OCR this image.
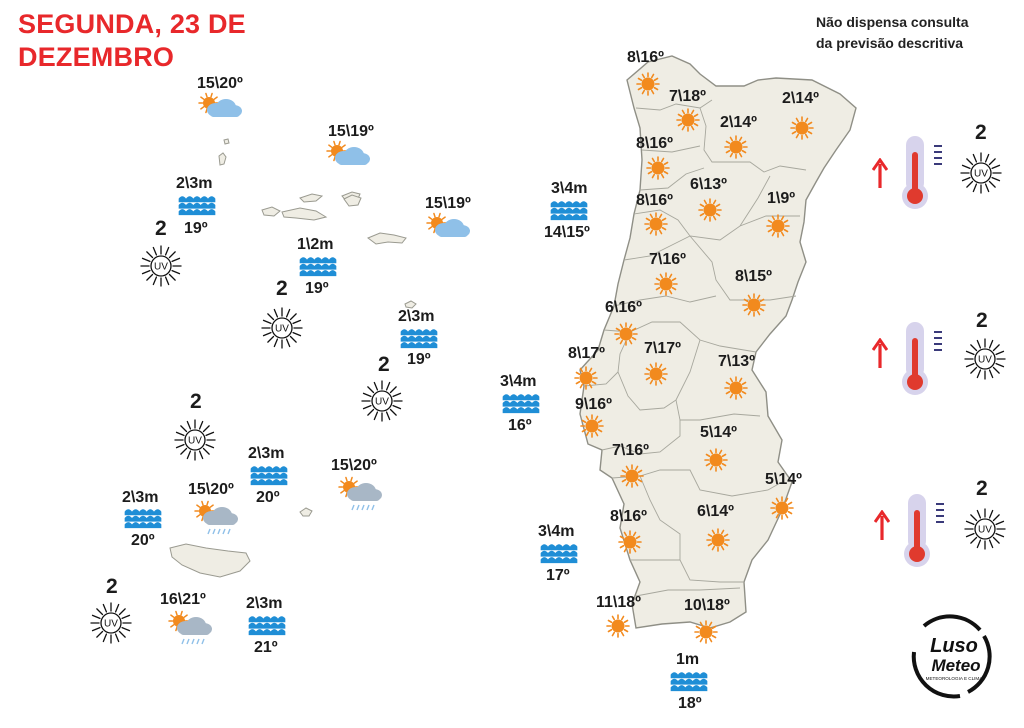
SEGUNDA, 23 DE
DEZEMBRO
Não dispensa consulta
da previsão descritiva
15\20º
15\19º
15\19º
2\3m
19º
1\2m
19º
2\3m
19º
2
UV
2
UV
2
UV
2
UV
2
UV
15\20º
15\20º
16\21º
2\3m
20º
2\3m
20º
2\3m
21º
3\4m
14\15º
3\4m
16º
3\4m
17º
1m
18º
8\16º
7\18º
2\14º
2\14º
8\16º
6\13º
8\16º	1\9º
7\16º
8\15º
6\16º
7\17º
8\17º	7\13º
9\16º
5\14º
7\16º
5\14º
8\16º	6\14º
11\18º	10\18º
2
UV
2
UV
2
UV
Luso
Meteo
METEOROLOGIA E CLIMA
